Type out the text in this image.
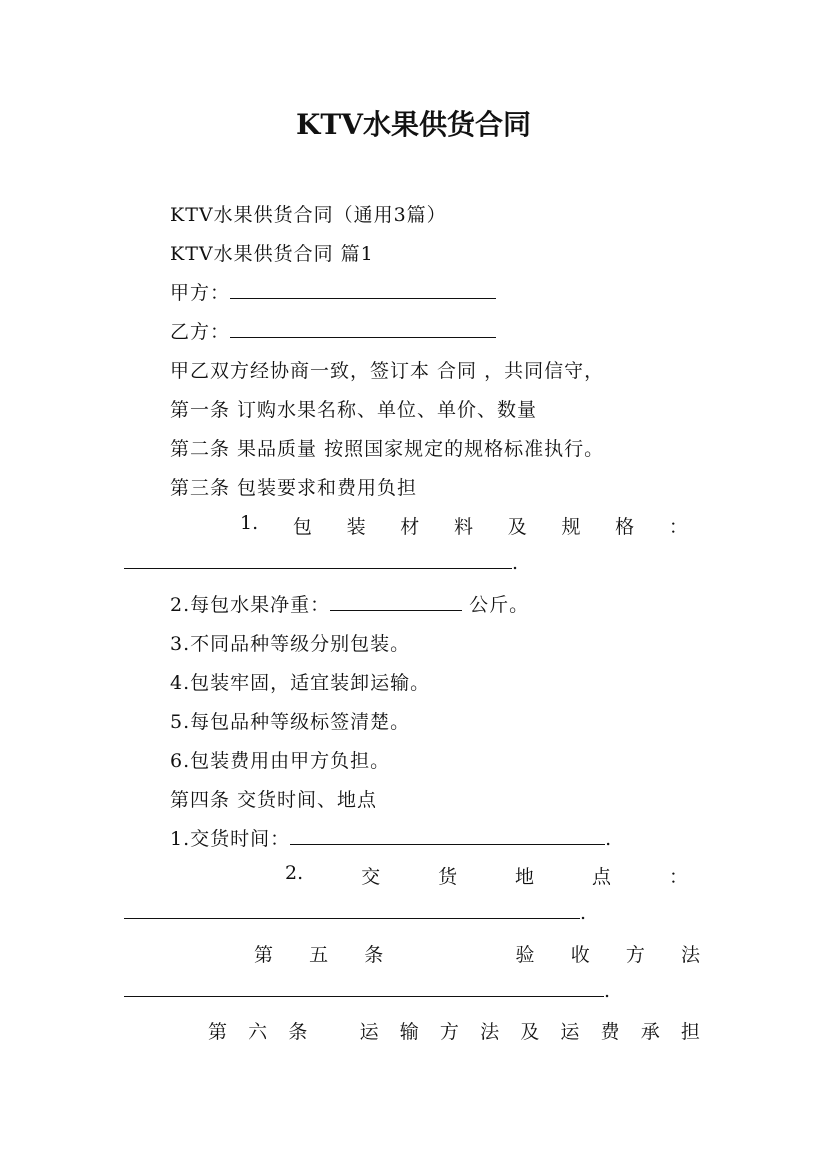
KTV水果供货合同
KTV水果供货合同（通用3篇）
KTV水果供货合同 篇1
甲方：
乙方：
甲乙双方经协商一致，签订本 合同 ，共同信守，
第一条 订购水果名称、单位、单价、数量
第二条 果品质量 按照国家规定的规格标准执行。
第三条 包装要求和费用负担
1. 包 装 材 料 及 规 格 ：
.
2.每包水果净重：	公斤。
3.不同品种等级分别包装。
4.包装牢固，适宜装卸运输。
5.每包品种等级标签清楚。
6.包装费用由甲方负担。
第四条 交货时间、地点
1.交货时间：	.
2.	交	货	地	点	：
.
第 五 条	验 收 方 法
.
第 六 条	运 输 方 法 及 运 费 承 担
